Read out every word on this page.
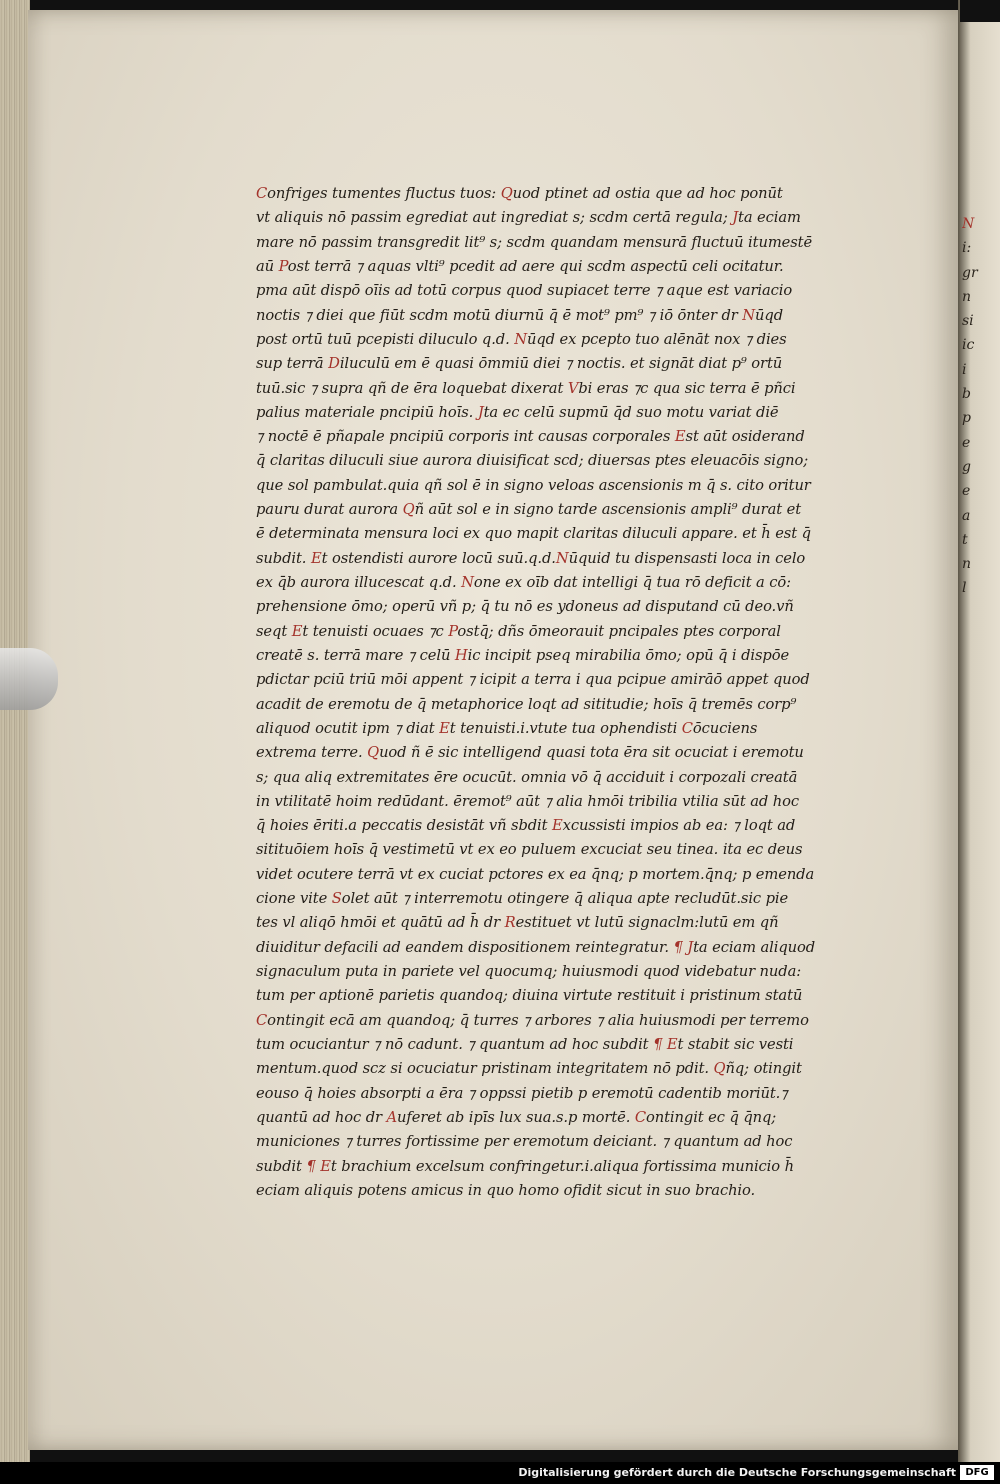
Confriges tumentes fluctus tuos: Quod ptinet ad ostia que ad hoc ponūt
vt aliquis nō passim egrediat aut ingrediat s; scdm certā regula; Jta eciam
mare nō passim transgredit lit⁹ s; scdm quandam mensurā fluctuū itumestē
aū Post terrā ⁊ aquas vlti⁹ pcedit ad aere qui scdm aspectū celi ocitatur.
pma aūt dispō oīis ad totū corpus quod supiacet terre ⁊ aque est variacio
noctis ⁊ diei que fiūt scdm motū diurnū q̄ ē mot⁹ pm⁹ ⁊ iō ōnter dr Nūqd
post ortū tuū pcepisti diluculo q.d. Nūqd ex pcepto tuo alēnāt nox ⁊ dies
sup terrā Diluculū em ē quasi ōmmiū diei ⁊ noctis. et signāt diat p⁹ ortū
tuū.sic ⁊ supra qñ de ēra loquebat dixerat Vbi eras ⁊c qua sic terra ē pñci
palius materiale pncipiū hoīs. Jta ec celū supmū q̄d suo motu variat diē
⁊ noctē ē pñapale pncipiū corporis int causas corporales Est aūt osiderand
q̄ claritas diluculi siue aurora diuisificat scd; diuersas ptes eleuacōis signo;
que sol pambulat.quia qñ sol ē in signo veloas ascensionis m q̄ s. cito oritur
pauru durat aurora Qñ aūt sol e in signo tarde ascensionis ampli⁹ durat et
ē determinata mensura loci ex quo mapit claritas diluculi appare. et h̄ est q̄
subdit. Et ostendisti aurore locū suū.q.d.Nūquid tu dispensasti loca in celo
ex q̄b aurora illucescat q.d. None ex oīb dat intelligi q̄ tua rō deficit a cō:
prehensione ōmo; operū vñ p; q̄ tu nō es ydoneus ad disputand cū deo.vñ
seqt Et tenuisti ocuaes ⁊c Postq̄; dñs ōmeorauit pncipales ptes corporal
creatē s. terrā mare ⁊ celū Hic incipit pseq mirabilia ōmo; opū q̄ i dispōe
pdictar pciū triū mōi appent ⁊ icipit a terra i qua pcipue amirāō appet quod
acadit de eremotu de q̄ metaphorice loqt ad sititudie; hoīs q̄ tremēs corp⁹
aliquod ocutit ipm ⁊ diat Et tenuisti.i.vtute tua ophendisti Cōcuciens
extrema terre. Quod ñ ē sic intelligend quasi tota ēra sit ocuciat i eremotu
s; qua aliq extremitates ēre ocucūt. omnia vō q̄ acciduit i corpozali creatā
in vtilitatē hoim redūdant. ēremot⁹ aūt ⁊ alia hmōi tribilia vtilia sūt ad hoc
q̄ hoies ēriti.a peccatis desistāt vñ sbdit Excussisti impios ab ea: ⁊ loqt ad
sitituōiem hoīs q̄ vestimetū vt ex eo puluem excuciat seu tinea. ita ec deus
videt ocutere terrā vt ex cuciat pctores ex ea q̄nq; p mortem.q̄nq; p emenda
cione vite Solet aūt ⁊ interremotu otingere q̄ aliqua apte recludūt.sic pie
tes vl aliqō hmōi et quātū ad h̄ dr Restituet vt lutū signaclm:lutū em qñ
diuiditur defacili ad eandem dispositionem reintegratur. ¶ Jta eciam aliquod
signaculum puta in pariete vel quocumq; huiusmodi quod videbatur nuda:
tum per aptionē parietis quandoq; diuina virtute restituit i pristinum statū
Contingit ecā am quandoq; q̄ turres ⁊ arbores ⁊ alia huiusmodi per terremo
tum ocuciantur ⁊ nō cadunt. ⁊ quantum ad hoc subdit ¶ Et stabit sic vesti
mentum.quod scz si ocuciatur pristinam integritatem nō pdit. Qñq; otingit
eouso q̄ hoies absorpti a ēra ⁊ oppssi pietib p eremotū cadentib moriūt.⁊
quantū ad hoc dr Auferet ab ipīs lux sua.s.p mortē. Contingit ec q̄ q̄nq;
municiones ⁊ turres fortissime per eremotum deiciant. ⁊ quantum ad hoc
subdit ¶ Et brachium excelsum confringetur.i.aliqua fortissima municio h̄
eciam aliquis potens amicus in quo homo ofidit sicut in suo brachio.
N
i:
gr
n
si
ic
i
b
p
e
g
e
a
t
n
l
Digitalisierung gefördert durch die Deutsche Forschungsgemeinschaft DFG
